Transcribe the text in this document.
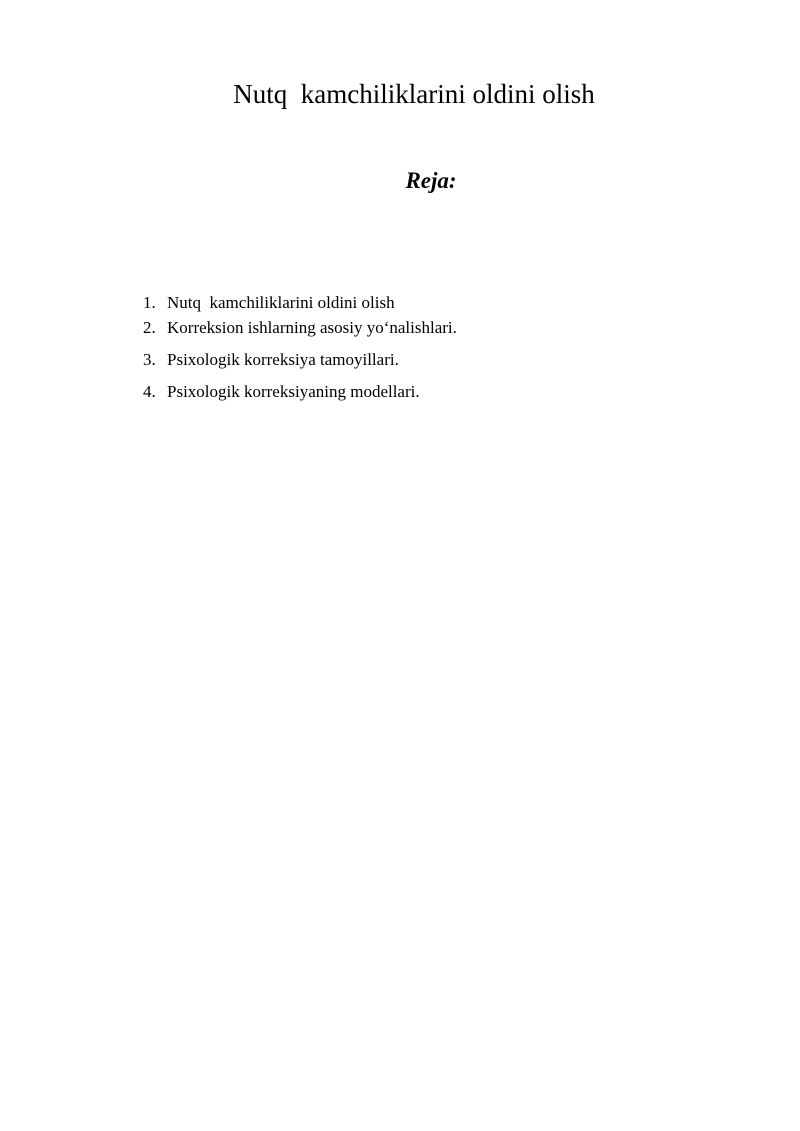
Nutq  kamchiliklarini oldini olish
Reja:
1. Nutq  kamchiliklarini oldini olish
2. Korreksion ishlarning asosiy yo‘nalishlari.
3. Psixologik korreksiya tamoyillari.
4. Psixologik korreksiyaning modellari.
